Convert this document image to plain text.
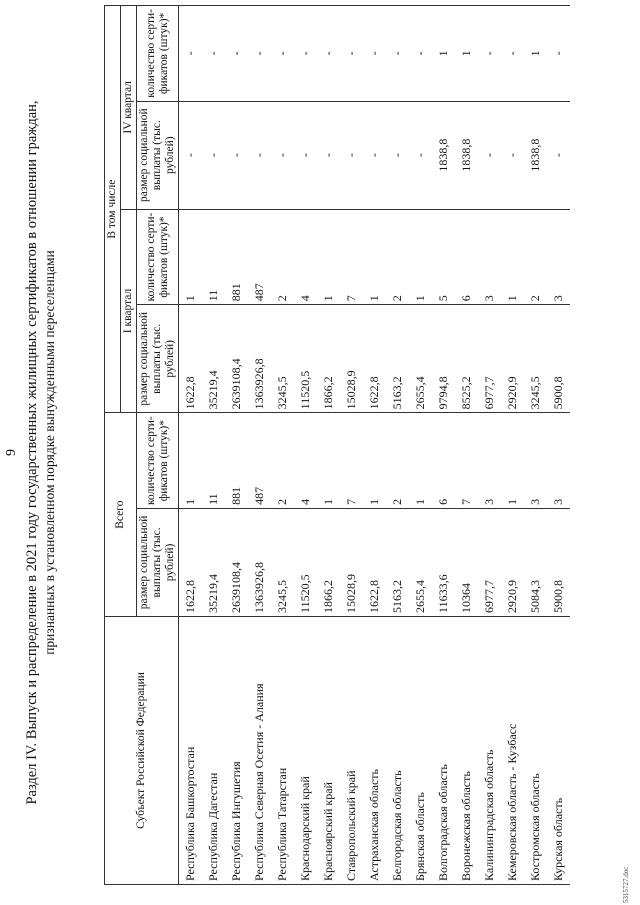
9 Раздел IV. Выпуск и распределение в 2021 году государственных жилищных сертификатов в отношении граждан, признанных в установленном порядке вынужденными переселенцами
Субъект Российской Федерации	Всего		В том числе			
			I квартал		IV квартал	
	размер социальной выплаты (тыс. рублей)	количество серти-фикатов (штук)*	размер социальной выплаты (тыс. рублей)	количество серти-фикатов (штук)*	размер социальной выплаты (тыс. рублей)	количество серти-фикатов (штук)*
Республика Башкортостан	1622,8	1	1622,8	1	-	-
Республика Дагестан	35219,4	11	35219,4	11	-	-
Республика Ингушетия	2639108,4	881	2639108,4	881	-	-
Республика Северная Осетия - Алания	1363926,8	487	1363926,8	487	-	-
Республика Татарстан	3245,5	2	3245,5	2	-	-
Краснодарский край	11520,5	4	11520,5	4	-	-
Красноярский край	1866,2	1	1866,2	1	-	-
Ставропольский край	15028,9	7	15028,9	7	-	-
Астраханская область	1622,8	1	1622,8	1	-	-
Белгородская область	5163,2	2	5163,2	2	-	-
Брянская область	2655,4	1	2655,4	1	-	-
Волгоградская область	11633,6	6	9794,8	5	1838,8	1
Воронежская область	10364	7	8525,2	6	1838,8	1
Калининградская область	6977,7	3	6977,7	3	-	-
Кемеровская область - Кузбасс	2920,9	1	2920,9	1	-	-
Костромская область	5084,3	3	3245,5	2	1838,8	1
Курская область	5900,8	3	5900,8	3	-	-
5315727.doc
